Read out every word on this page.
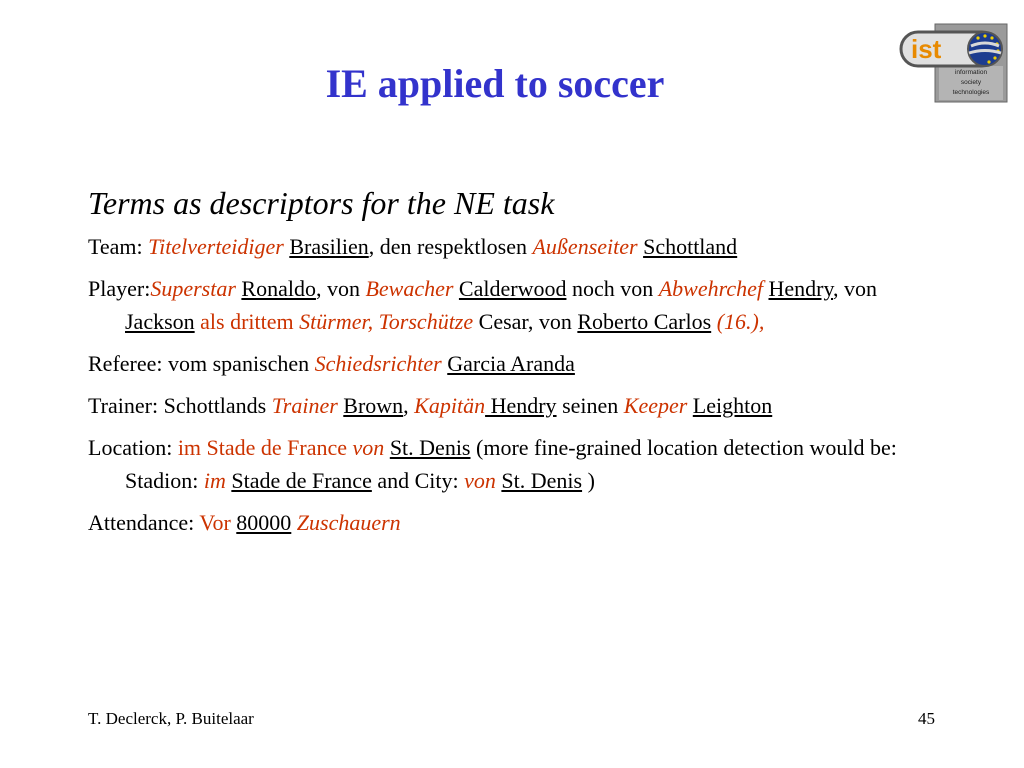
IE applied to soccer	information
society
technologies
ist
Terms as descriptors for the NE task
Team: Titelverteidiger Brasilien, den respektlosen Außenseiter Schottland
Player:Superstar Ronaldo, von Bewacher Calderwood noch von Abwehrchef Hendry, von Jackson als drittem Stürmer, Torschütze Cesar, von Roberto Carlos (16.),
Referee: vom spanischen Schiedsrichter Garcia Aranda
Trainer: Schottlands Trainer Brown, Kapitän Hendry seinen Keeper Leighton
Location: im Stade de France von St. Denis (more fine-grained location detection would be: Stadion: im Stade de France and City: von St. Denis )
Attendance: Vor 80000 Zuschauern
T. Declerck, P. Buitelaar	45
